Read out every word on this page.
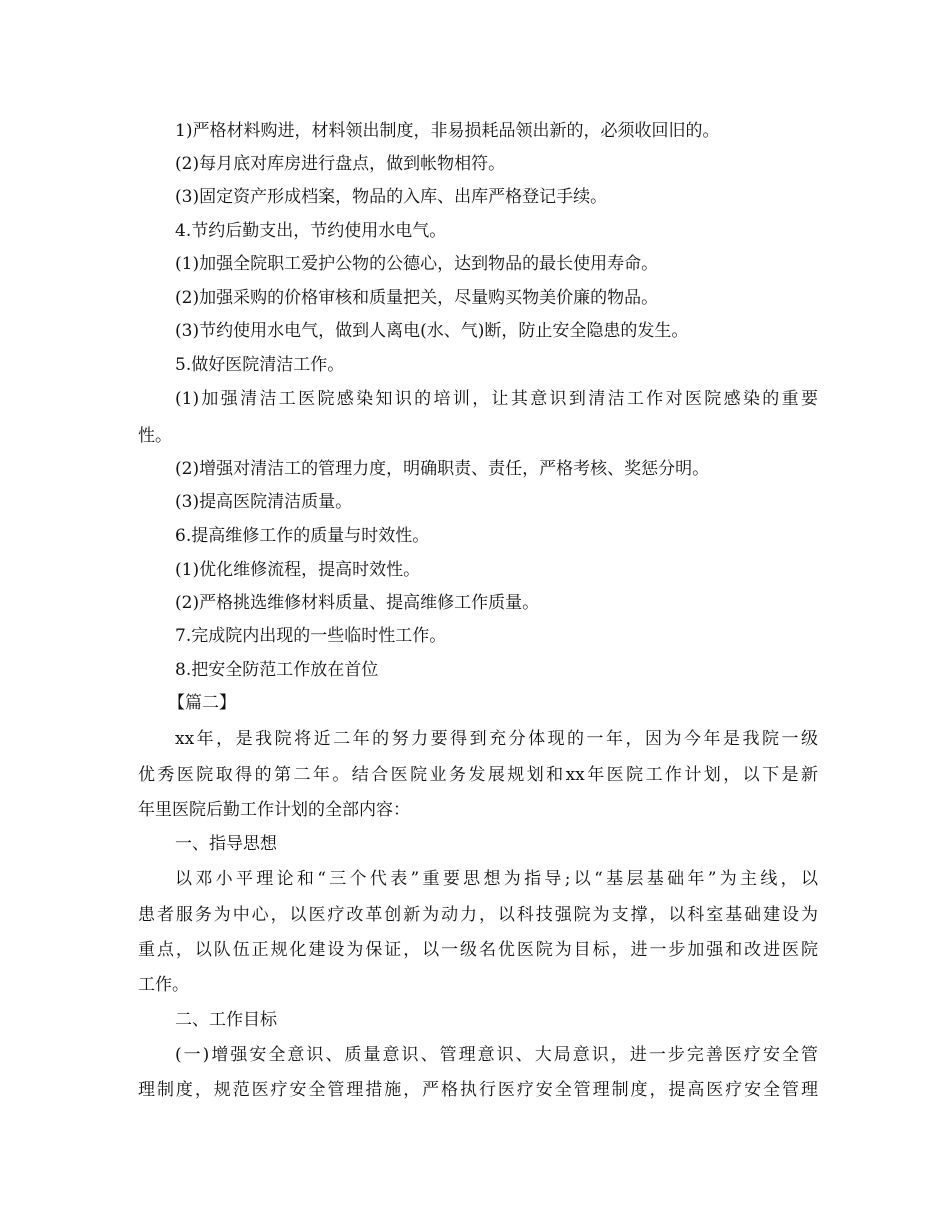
1)严格材料购进，材料领出制度，非易损耗品领出新的，必须收回旧的。
(2)每月底对库房进行盘点，做到帐物相符。
(3)固定资产形成档案，物品的入库、出库严格登记手续。
4.节约后勤支出，节约使用水电气。
(1)加强全院职工爱护公物的公德心，达到物品的最长使用寿命。
(2)加强采购的价格审核和质量把关，尽量购买物美价廉的物品。
(3)节约使用水电气，做到人离电(水、气)断，防止安全隐患的发生。
5.做好医院清洁工作。
(1)加强清洁工医院感染知识的培训，让其意识到清洁工作对医院感染的重要
性。
(2)增强对清洁工的管理力度，明确职责、责任，严格考核、奖惩分明。
(3)提高医院清洁质量。
6.提高维修工作的质量与时效性。
(1)优化维修流程，提高时效性。
(2)严格挑选维修材料质量、提高维修工作质量。
7.完成院内出现的一些临时性工作。
8.把安全防范工作放在首位
【篇二】
xx年，是我院将近二年的努力要得到充分体现的一年，因为今年是我院一级
优秀医院取得的第二年。结合医院业务发展规划和xx年医院工作计划，以下是新
年里医院后勤工作计划的全部内容：
一、指导思想
以邓小平理论和“三个代表”重要思想为指导;以“基层基础年”为主线，以
患者服务为中心，以医疗改革创新为动力，以科技强院为支撑，以科室基础建设为
重点，以队伍正规化建设为保证，以一级名优医院为目标，进一步加强和改进医院
工作。
二、工作目标
(一)增强安全意识、质量意识、管理意识、大局意识，进一步完善医疗安全管
理制度，规范医疗安全管理措施，严格执行医疗安全管理制度，提高医疗安全管理
